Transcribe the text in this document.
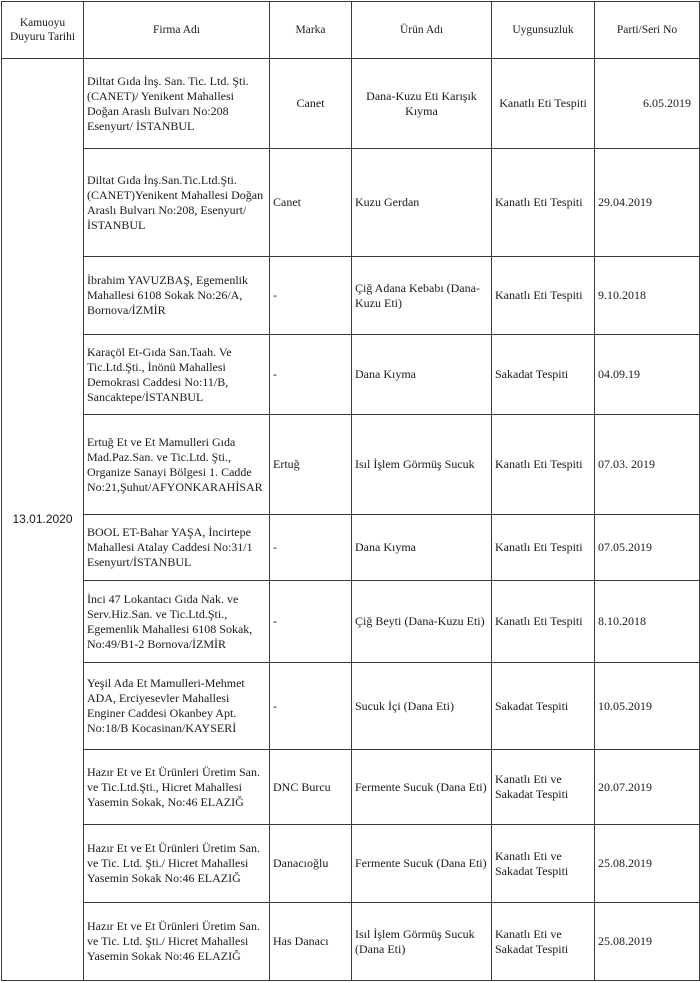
Kamuoyu Duyuru Tarihi	Firma Adı	Marka	Ürün Adı	Uygunsuzluk	Parti/Seri No
13.01.2020	Diltat Gıda İnş. San. Tic. Ltd. Şti. (CANET)/ Yenikent Mahallesi Doğan Araslı Bulvarı No:208 Esenyurt/ İSTANBUL	Canet	Dana-Kuzu Eti Karışık Kıyma	Kanatlı Eti Tespiti	6.05.2019
	Diltat Gıda İnş.San.Tic.Ltd.Şti. (CANET)Yenikent Mahallesi Doğan Araslı Bulvarı No:208, Esenyurt/ İSTANBUL	Canet	Kuzu Gerdan	Kanatlı Eti Tespiti	29.04.2019
	İbrahim YAVUZBAŞ, Egemenlik Mahallesi 6108 Sokak No:26/A, Bornova/İZMİR	-	Çiğ Adana Kebabı (Dana-Kuzu Eti)	Kanatlı Eti Tespiti	9.10.2018
	Karaçöl Et-Gıda San.Taah. Ve Tic.Ltd.Şti., İnönü Mahallesi Demokrasi Caddesi No:11/B, Sancaktepe/İSTANBUL	-	Dana Kıyma	Sakadat Tespiti	04.09.19
	Ertuğ Et ve Et Mamulleri Gıda Mad.Paz.San. ve Tic.Ltd. Şti., Organize Sanayi Bölgesi 1. Cadde No:21,Şuhut/AFYONKARAHİSAR	Ertuğ	Isıl İşlem Görmüş Sucuk	Kanatlı Eti Tespiti	07.03. 2019
	BOOL ET-Bahar YAŞA, İncirtepe Mahallesi Atalay Caddesi No:31/1 Esenyurt/İSTANBUL	-	Dana Kıyma	Kanatlı Eti Tespiti	07.05.2019
	İnci 47 Lokantacı Gıda Nak. ve Serv.Hiz.San. ve Tic.Ltd.Şti., Egemenlik Mahallesi 6108 Sokak, No:49/B1-2 Bornova/İZMİR	-	Çiğ Beyti (Dana-Kuzu Eti)	Kanatlı Eti Tespiti	8.10.2018
	Yeşil Ada Et Mamulleri-Mehmet ADA, Erciyesevler Mahallesi Enginer Caddesi Okanbey Apt. No:18/B Kocasinan/KAYSERİ	-	Sucuk İçi (Dana Eti)	Sakadat Tespiti	10.05.2019
	Hazır Et ve Et Ürünleri Üretim San. ve Tic.Ltd.Şti., Hicret Mahallesi Yasemin Sokak, No:46 ELAZIĞ	DNC Burcu	Fermente Sucuk (Dana Eti)	Kanatlı Eti ve Sakadat Tespiti	20.07.2019
	Hazır Et ve Et Ürünleri Üretim San. ve Tic. Ltd. Şti./ Hicret Mahallesi Yasemin Sokak No:46 ELAZIĞ	Danacıoğlu	Fermente Sucuk (Dana Eti)	Kanatlı Eti ve Sakadat Tespiti	25.08.2019
	Hazır Et ve Et Ürünleri Üretim San. ve Tic. Ltd. Şti./ Hicret Mahallesi Yasemin Sokak No:46 ELAZIĞ	Has Danacı	Isıl İşlem Görmüş Sucuk (Dana Eti)	Kanatlı Eti ve Sakadat Tespiti	25.08.2019
